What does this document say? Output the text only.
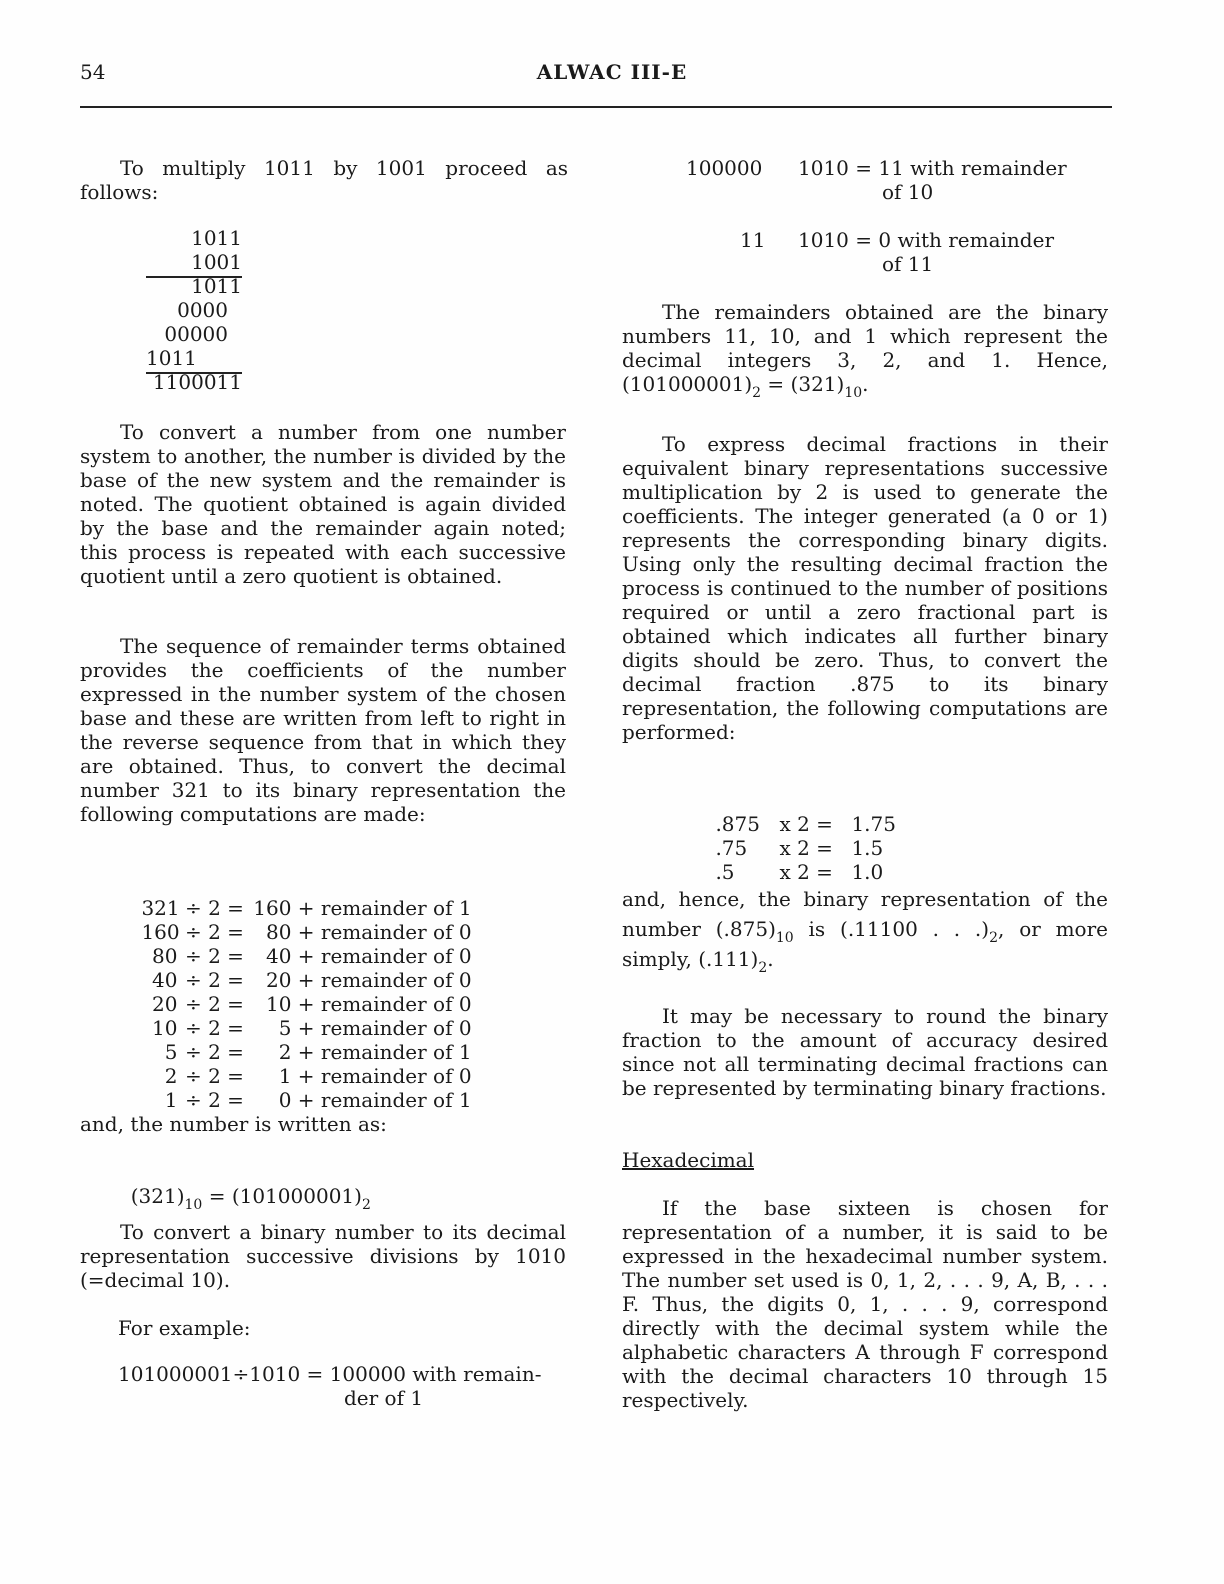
54	ALWAC III-E

To multiply 1011 by 1001 proceed as follows:

1011
1001
1011
0000
00000
1011
1100011

To convert a number from one number system to another, the number is divided by the base of the new system and the remainder is noted. The quotient obtained is again divided by the base and the remainder again noted; this process is repeated with each successive quotient until a zero quotient is obtained.

The sequence of remainder terms obtained provides the coefficients of the number expressed in the number system of the chosen base and these are written from left to right in the reverse sequence from that in which they are obtained. Thus, to convert the decimal number 321 to its binary representation the following computations are made:

321 ÷ 2 = 160 + remainder of 1

160 ÷ 2 = 80 + remainder of 0

80 ÷ 2 = 40 + remainder of 0

40 ÷ 2 = 20 + remainder of 0

20 ÷ 2 = 10 + remainder of 0

10 ÷ 2 = 5 + remainder of 0

5 ÷ 2 = 2 + remainder of 1

2 ÷ 2 = 1 + remainder of 0

1 ÷ 2 = 0 + remainder of 1

and, the number is written as:

$(321)_{10} = (101000001)_2$

To convert a binary number to its decimal representation successive divisions by 1010 (=decimal 10).

For example:

101000001÷1010 = 100000 with remain-
der of 1
100000 1010 = 11 with remainder
of 10
11 1010 = 0 with remainder
of 11
The remainders obtained are the binary numbers 11, 10, and 1 which represent the decimal integers 3, 2, and 1. Hence, $(101000001)_2 = (321)_{10}$.

To express decimal fractions in their equivalent binary representations successive multiplication by 2 is used to generate the coefficients. The integer generated (a 0 or 1) represents the corresponding binary digits. Using only the resulting decimal fraction the process is continued to the number of positions required or until a zero fractional part is obtained which indicates all further binary digits should be zero. Thus, to convert the decimal fraction .875 to its binary representation, the following computations are performed:

.875 x 2 = 1.75

.75 x 2 = 1.5

.5 x 2 = 1.0

and, hence, the binary representation of the number $(.875)_{10}$ is (.11100 . . $.)_2$, or more simply, $(.111)_2$.

It may be necessary to round the binary fraction to the amount of accuracy desired since not all terminating decimal fractions can be represented by terminating binary fractions.

Hexadecimal

If the base sixteen is chosen for representation of a number, it is said to be expressed in the hexadecimal number system. The number set used is 0, 1, 2, . . . 9, A, B, . . . F. Thus, the digits 0, 1, . . . 9, correspond directly with the decimal system while the alphabetic characters A through F correspond with the decimal characters 10 through 15 respectively.
